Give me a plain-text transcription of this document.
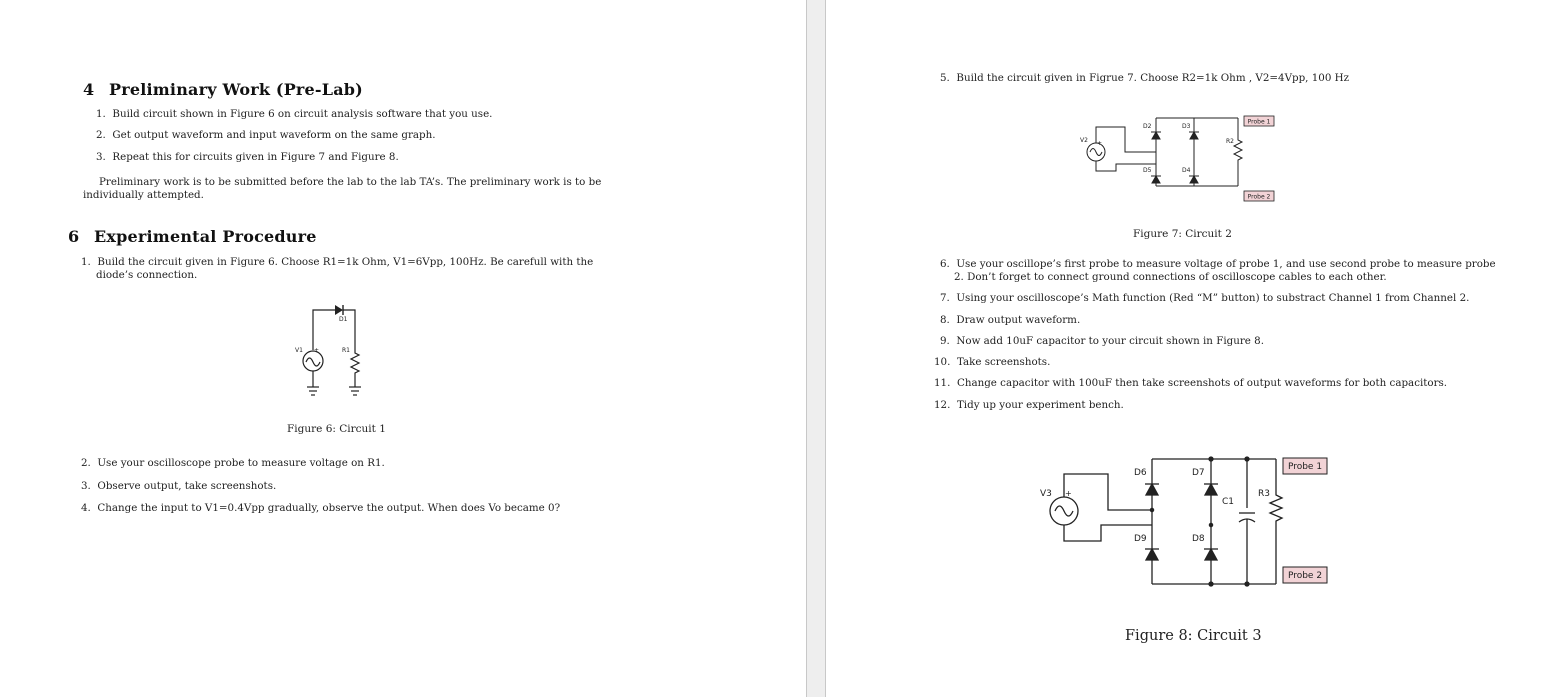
4 Preliminary Work (Pre-Lab)
1. Build circuit shown in Figure 6 on circuit analysis software that you use.
2. Get output waveform and input waveform on the same graph.
3. Repeat this for circuits given in Figure 7 and Figure 8.
Preliminary work is to be submitted before the lab to the lab TA’s. The preliminary work is to be
individually attempted.
6 Experimental Procedure
1. Build the circuit given in Figure 6. Choose R1=1k Ohm, V1=6Vpp, 100Hz. Be carefull with the
diode’s connection.
D1
V1 +	R1
Figure 6: Circuit 1
2. Use your oscilloscope probe to measure voltage on R1.
3. Observe output, take screenshots.
4. Change the input to V1=0.4Vpp gradually, observe the output. When does Vo became 0?
5. Build the circuit given in Figrue 7. Choose R2=1k Ohm , V2=4Vpp, 100 Hz
Probe 1
Probe 2
V2 +
D2	D3
D5	D4
R2
Figure 7: Circuit 2
6. Use your oscillope’s first probe to measure voltage of probe 1, and use second probe to measure probe
2. Don’t forget to connect ground connections of oscilloscope cables to each other.
7. Using your oscilloscope’s Math function (Red “M” button) to substract Channel 1 from Channel 2.
8. Draw output waveform.
9. Now add 10uF capacitor to your circuit shown in Figure 8.
10. Take screenshots.
11. Change capacitor with 100uF then take screenshots of output waveforms for both capacitors.
12. Tidy up your experiment bench.
Probe 1
Probe 2
V3 +
D6	D7
D9	D8
C1
R3
Figure 8: Circuit 3
